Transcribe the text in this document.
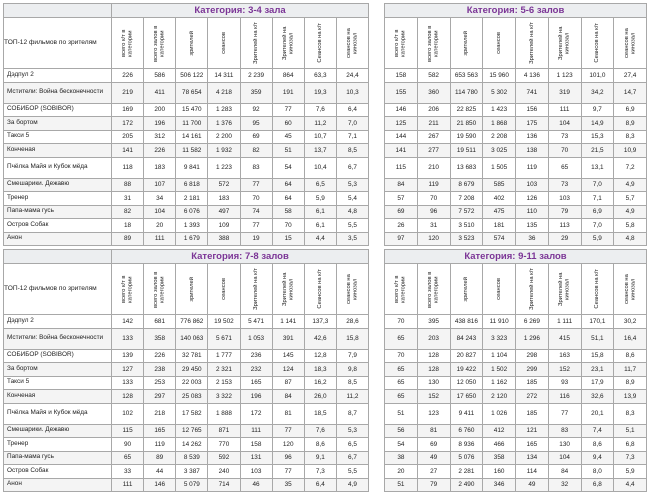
	Категория: 3-4 зала							
ТОП-12 фильмов по зрителям	всего к/т в категории	всего залов в категории	зрителей	сеансов	Зрителей на к/т	Зрителей на кинозал	Сеансов на к/т	сеансов на кинозал

Дэдпул 2	226	586	506 122	14 311	2 239	864	63,3	24,4
Мстители: Война бесконечности	219	411	78 654	4 218	359	191	19,3	10,3
СОБИБОР (SOBIBOR)	169	200	15 470	1 283	92	77	7,6	6,4
За бортом	172	196	11 700	1 376	95	60	11,2	7,0
Такси 5	205	312	14 161	2 200	69	45	10,7	7,1
Конченая	141	226	11 582	1 932	82	51	13,7	8,5
Пчёлка Майя и Кубок мёда	118	183	9 841	1 223	83	54	10,4	6,7
Смешарики. Дежавю	88	107	6 818	572	77	64	6,5	5,3
Тренер	31	34	2 181	183	70	64	5,9	5,4
Папа-мама гусь	82	104	6 076	497	74	58	6,1	4,8
Остров Собак	18	20	1 393	109	77	70	6,1	5,5
Анон	89	111	1 679	388	19	15	4,4	3,5
Категория: 5-6 залов							

всего к/т в категории	всего залов в категории	зрителей	сеансов	Зрителей на к/т	Зрителей на кинозал	Сеансов на к/т	сеансов на кинозал

158	582	653 563	15 960	4 136	1 123	101,0	27,4
155	360	114 780	5 302	741	319	34,2	14,7
146	206	22 825	1 423	156	111	9,7	6,9
125	211	21 850	1 868	175	104	14,9	8,9
144	267	19 590	2 208	136	73	15,3	8,3
141	277	19 511	3 025	138	70	21,5	10,9
115	210	13 683	1 505	119	65	13,1	7,2
84	119	8 679	585	103	73	7,0	4,9
57	70	7 208	402	126	103	7,1	5,7
69	96	7 572	475	110	79	6,9	4,9
26	31	3 510	181	135	113	7,0	5,8
97	120	3 523	574	36	29	5,9	4,8
	Категория: 7-8 залов							
ТОП-12 фильмов по зрителям	всего к/т в категории	всего залов в категории	зрителей	сеансов	Зрителей на к/т	Зрителей на кинозал	Сеансов на к/т	сеансов на кинозал

Дэдпул 2	142	681	776 862	19 502	5 471	1 141	137,3	28,6
Мстители: Война бесконечности	133	358	140 063	5 671	1 053	391	42,6	15,8
СОБИБОР (SOBIBOR)	139	226	32 781	1 777	236	145	12,8	7,9
За бортом	127	238	29 450	2 321	232	124	18,3	9,8
Такси 5	133	253	22 003	2 153	165	87	16,2	8,5
Конченая	128	297	25 083	3 322	196	84	26,0	11,2
Пчёлка Майя и Кубок мёда	102	218	17 582	1 888	172	81	18,5	8,7
Смешарики. Дежавю	115	165	12 765	871	111	77	7,6	5,3
Тренер	90	119	14 262	770	158	120	8,6	6,5
Папа-мама гусь	65	89	8 539	592	131	96	9,1	6,7
Остров Собак	33	44	3 387	240	103	77	7,3	5,5
Анон	111	146	5 079	714	46	35	6,4	4,9
Категория: 9-11 залов							

всего к/т в категории	всего залов в категории	зрителей	сеансов	Зрителей на к/т	Зрителей на кинозал	Сеансов на к/т	сеансов на кинозал

70	395	438 816	11 910	6 269	1 111	170,1	30,2
65	203	84 243	3 323	1 296	415	51,1	16,4
70	128	20 827	1 104	298	163	15,8	8,6
65	128	19 422	1 502	299	152	23,1	11,7
65	130	12 050	1 162	185	93	17,9	8,9
65	152	17 650	2 120	272	116	32,6	13,9
51	123	9 411	1 026	185	77	20,1	8,3
56	81	6 760	412	121	83	7,4	5,1
54	69	8 936	466	165	130	8,6	6,8
38	49	5 076	358	134	104	9,4	7,3
20	27	2 281	160	114	84	8,0	5,9
51	79	2 490	346	49	32	6,8	4,4
